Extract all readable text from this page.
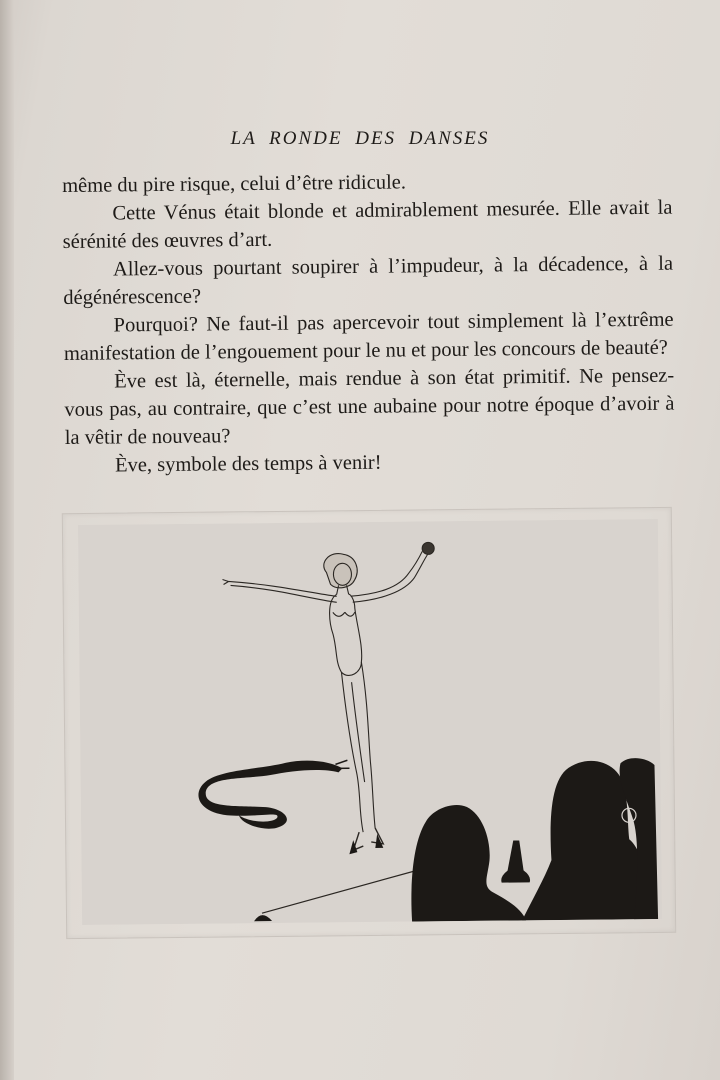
LA RONDE DES DANSES

même du pire risque, celui d’être ridicule.

Cette Vénus était blonde et admirablement mesurée. Elle avait la sérénité des œuvres d’art.

Allez-vous pourtant soupirer à l’impudeur, à la décadence, à la dégénérescence?

Pourquoi? Ne faut-il pas apercevoir tout simplement là l’extrême manifestation de l’engouement pour le nu et pour les concours de beauté?

Ève est là, éternelle, mais rendue à son état primitif. Ne pensez-vous pas, au contraire, que c’est une aubaine pour notre époque d’avoir à la vêtir de nouveau?

Ève, symbole des temps à venir!
